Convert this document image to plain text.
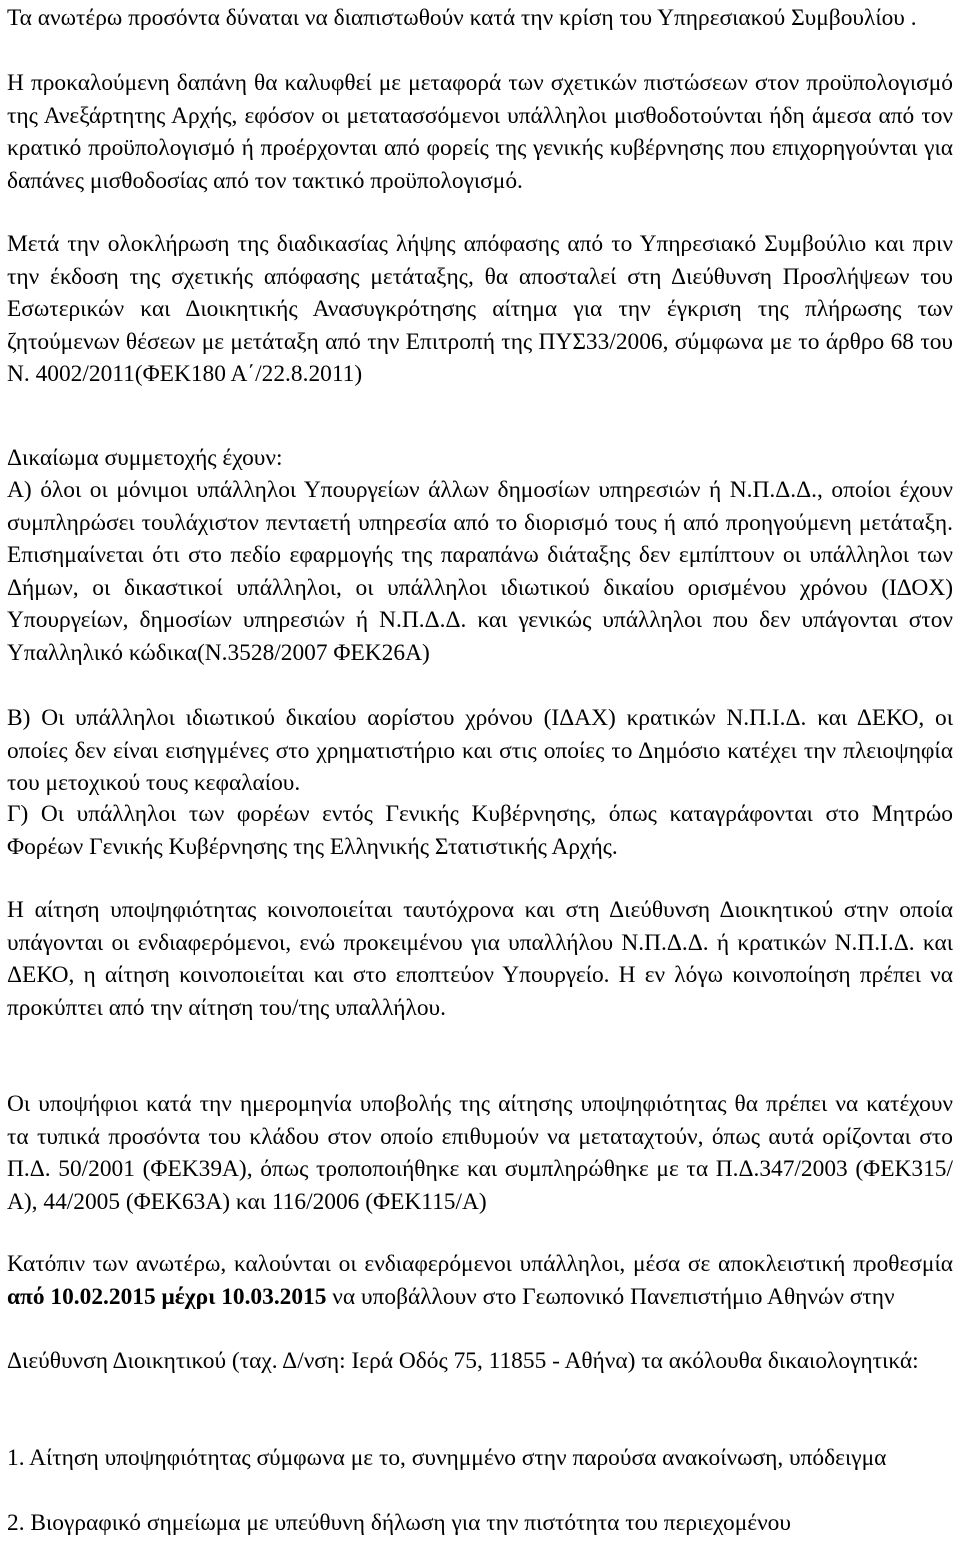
Τα ανωτέρω προσόντα δύναται να διαπιστωθούν κατά την κρίση του Υπηρεσιακού Συμβουλίου .

Η προκαλούμενη δαπάνη θα καλυφθεί με μεταφορά των σχετικών πιστώσεων στον προϋπολογισμό της Ανεξάρτητης Αρχής, εφόσον οι μετατασσόμενοι υπάλληλοι μισθοδοτούνται ήδη άμεσα από τον κρατικό προϋπολογισμό ή προέρχονται από φορείς της γενικής κυβέρνησης που επιχορηγούνται για δαπάνες μισθοδοσίας από τον τακτικό προϋπολογισμό.

Μετά την ολοκλήρωση της διαδικασίας λήψης απόφασης από το Υπηρεσιακό Συμβούλιο και πριν την έκδοση της σχετικής απόφασης μετάταξης, θα αποσταλεί στη Διεύθυνση Προσλήψεων του Εσωτερικών και Διοικητικής Ανασυγκρότησης αίτημα για την έγκριση της πλήρωσης των ζητούμενων θέσεων με μετάταξη από την Επιτροπή της ΠΥΣ33/2006, σύμφωνα με το άρθρο 68 του Ν. 4002/2011(ΦΕΚ180 Α΄/22.8.2011)

Δικαίωμα συμμετοχής έχουν:

Α) όλοι οι μόνιμοι υπάλληλοι Υπουργείων άλλων δημοσίων υπηρεσιών ή Ν.Π.Δ.Δ., οποίοι έχουν συμπληρώσει τουλάχιστον πενταετή υπηρεσία από το διορισμό τους ή από προηγούμενη μετάταξη. Επισημαίνεται ότι στο πεδίο εφαρμογής της παραπάνω διάταξης δεν εμπίπτουν οι υπάλληλοι των Δήμων, οι δικαστικοί υπάλληλοι, οι υπάλληλοι ιδιωτικού δικαίου ορισμένου χρόνου (ΙΔΟΧ) Υπουργείων, δημοσίων υπηρεσιών ή Ν.Π.Δ.Δ. και γενικώς υπάλληλοι που δεν υπάγονται στον Υπαλληλικό κώδικα(Ν.3528/2007 ΦΕΚ26Α)

Β) Οι υπάλληλοι ιδιωτικού δικαίου αορίστου χρόνου (ΙΔΑΧ) κρατικών Ν.Π.Ι.Δ. και ΔΕΚΟ, οι οποίες δεν είναι εισηγμένες στο χρηματιστήριο και στις οποίες το Δημόσιο κατέχει την πλειοψηφία του μετοχικού τους κεφαλαίου.

Γ) Οι υπάλληλοι των φορέων εντός Γενικής Κυβέρνησης, όπως καταγράφονται στο Μητρώο Φορέων Γενικής Κυβέρνησης της Ελληνικής Στατιστικής Αρχής.

Η αίτηση υποψηφιότητας κοινοποιείται ταυτόχρονα και στη Διεύθυνση Διοικητικού στην οποία υπάγονται οι ενδιαφερόμενοι, ενώ προκειμένου για υπαλλήλου Ν.Π.Δ.Δ. ή κρατικών Ν.Π.Ι.Δ. και ΔΕΚΟ, η αίτηση κοινοποιείται και στο εποπτεύον Υπουργείο. Η εν λόγω κοινοποίηση πρέπει να προκύπτει από την αίτηση του/της υπαλλήλου.

Οι υποψήφιοι κατά την ημερομηνία υποβολής της αίτησης υποψηφιότητας θα πρέπει να κατέχουν τα τυπικά προσόντα του κλάδου στον οποίο επιθυμούν να μεταταχτούν, όπως αυτά ορίζονται στο Π.Δ. 50/2001 (ΦΕΚ39Α), όπως τροποποιήθηκε και συμπληρώθηκε με τα Π.Δ.347/2003 (ΦΕΚ315/Α), 44/2005 (ΦΕΚ63Α) και 116/2006 (ΦΕΚ115/Α)

Κατόπιν των ανωτέρω, καλούνται οι ενδιαφερόμενοι υπάλληλοι, μέσα σε αποκλειστική προθεσμία από 10.02.2015 μέχρι 10.03.2015 να υποβάλλουν στο Γεωπονικό Πανεπιστήμιο Αθηνών στην

Διεύθυνση Διοικητικού (ταχ. Δ/νση: Ιερά Οδός 75, 11855 - Αθήνα) τα ακόλουθα δικαιολογητικά:

1. Αίτηση υποψηφιότητας σύμφωνα με το, συνημμένο στην παρούσα ανακοίνωση, υπόδειγμα

2. Βιογραφικό σημείωμα με υπεύθυνη δήλωση για την πιστότητα του περιεχομένου
